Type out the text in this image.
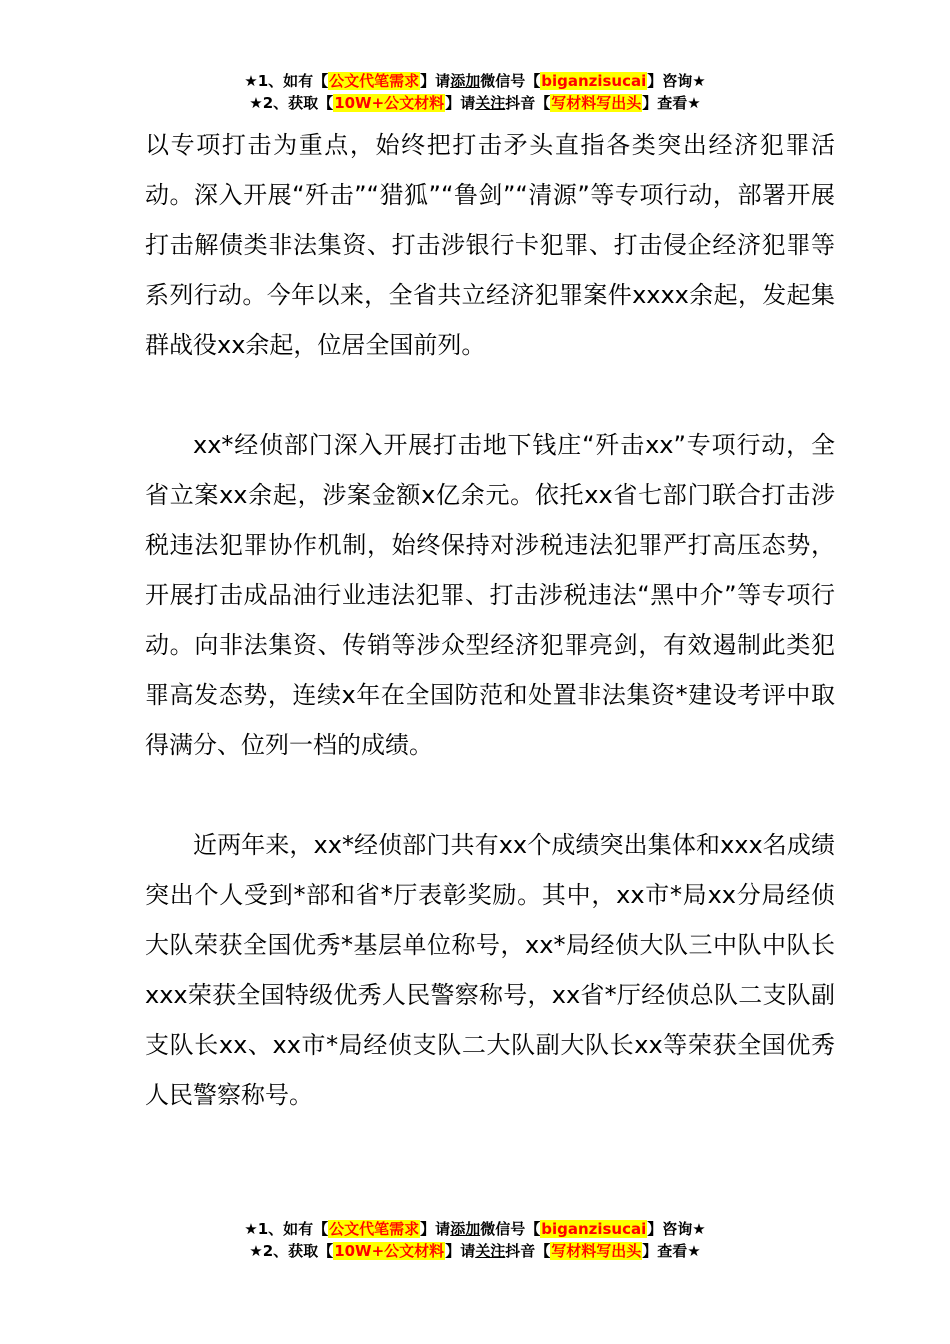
★1、如有【公文代笔需求】请添加微信号【biganzisucai】咨询★
★2、获取【10W+公文材料】请关注抖音【写材料写出头】查看★

以专项打击为重点，始终把打击矛头直指各类突出经济犯罪活动。深入开展“歼击”“猎狐”“鲁剑”“清源”等专项行动，部署开展打击解债类非法集资、打击涉银行卡犯罪、打击侵企经济犯罪等系列行动。今年以来，全省共立经济犯罪案件xxxx余起，发起集群战役xx余起，位居全国前列。

xx*经侦部门深入开展打击地下钱庄“歼击xx”专项行动，全省立案xx余起，涉案金额x亿余元。依托xx省七部门联合打击涉税违法犯罪协作机制，始终保持对涉税违法犯罪严打高压态势，开展打击成品油行业违法犯罪、打击涉税违法“黑中介”等专项行动。向非法集资、传销等涉众型经济犯罪亮剑，有效遏制此类犯罪高发态势，连续x年在全国防范和处置非法集资*建设考评中取得满分、位列一档的成绩。

近两年来，xx*经侦部门共有xx个成绩突出集体和xxx名成绩突出个人受到*部和省*厅表彰奖励。其中，xx市*局xx分局经侦大队荣获全国优秀*基层单位称号，xx*局经侦大队三中队中队长xxx荣获全国特级优秀人民警察称号，xx省*厅经侦总队二支队副支队长xx、xx市*局经侦支队二大队副大队长xx等荣获全国优秀人民警察称号。

★1、如有【公文代笔需求】请添加微信号【biganzisucai】咨询★
★2、获取【10W+公文材料】请关注抖音【写材料写出头】查看★
